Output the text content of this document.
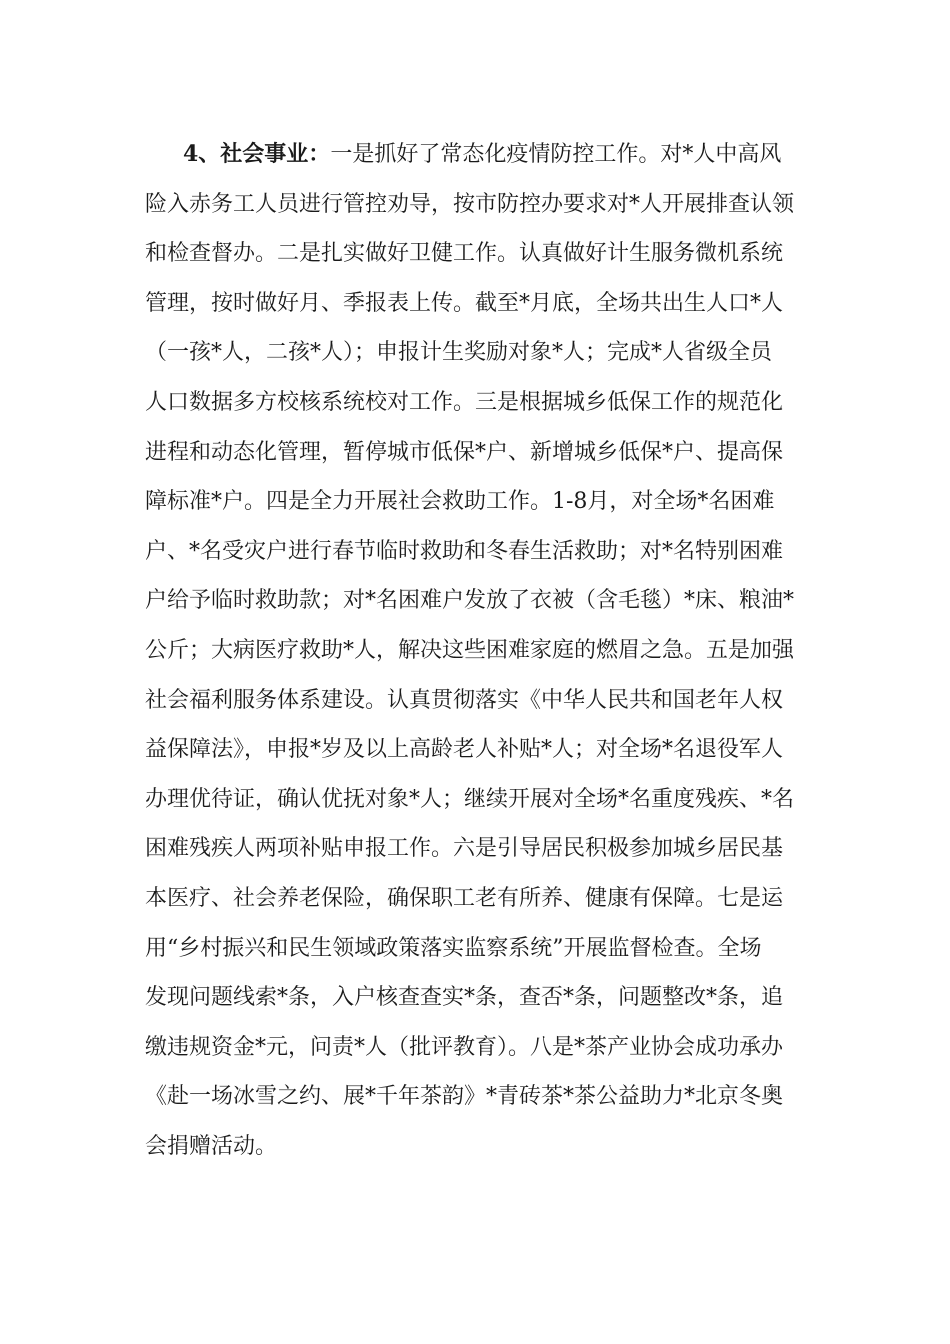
4、社会事业：一是抓好了常态化疫情防控工作。对*人中高风
险入赤务工人员进行管控劝导，按市防控办要求对*人开展排查认领
和检查督办。二是扎实做好卫健工作。认真做好计生服务微机系统
管理，按时做好月、季报表上传。截至*月底，全场共出生人口*人
（一孩*人，二孩*人）；申报计生奖励对象*人；完成*人省级全员
人口数据多方校核系统校对工作。三是根据城乡低保工作的规范化
进程和动态化管理，暂停城市低保*户、新增城乡低保*户、提高保
障标准*户。四是全力开展社会救助工作。1-8月，对全场*名困难
户、*名受灾户进行春节临时救助和冬春生活救助；对*名特别困难
户给予临时救助款；对*名困难户发放了衣被（含毛毯）*床、粮油*
公斤；大病医疗救助*人，解决这些困难家庭的燃眉之急。五是加强
社会福利服务体系建设。认真贯彻落实《中华人民共和国老年人权
益保障法》，申报*岁及以上高龄老人补贴*人；对全场*名退役军人
办理优待证，确认优抚对象*人；继续开展对全场*名重度残疾、*名
困难残疾人两项补贴申报工作。六是引导居民积极参加城乡居民基
本医疗、社会养老保险，确保职工老有所养、健康有保障。七是运
用“乡村振兴和民生领域政策落实监察系统”开展监督检查。全场
发现问题线索*条，入户核查查实*条，查否*条，问题整改*条，追
缴违规资金*元，问责*人（批评教育）。八是*茶产业协会成功承办
《赴一场冰雪之约、展*千年茶韵》*青砖茶*茶公益助力*北京冬奥
会捐赠活动。
